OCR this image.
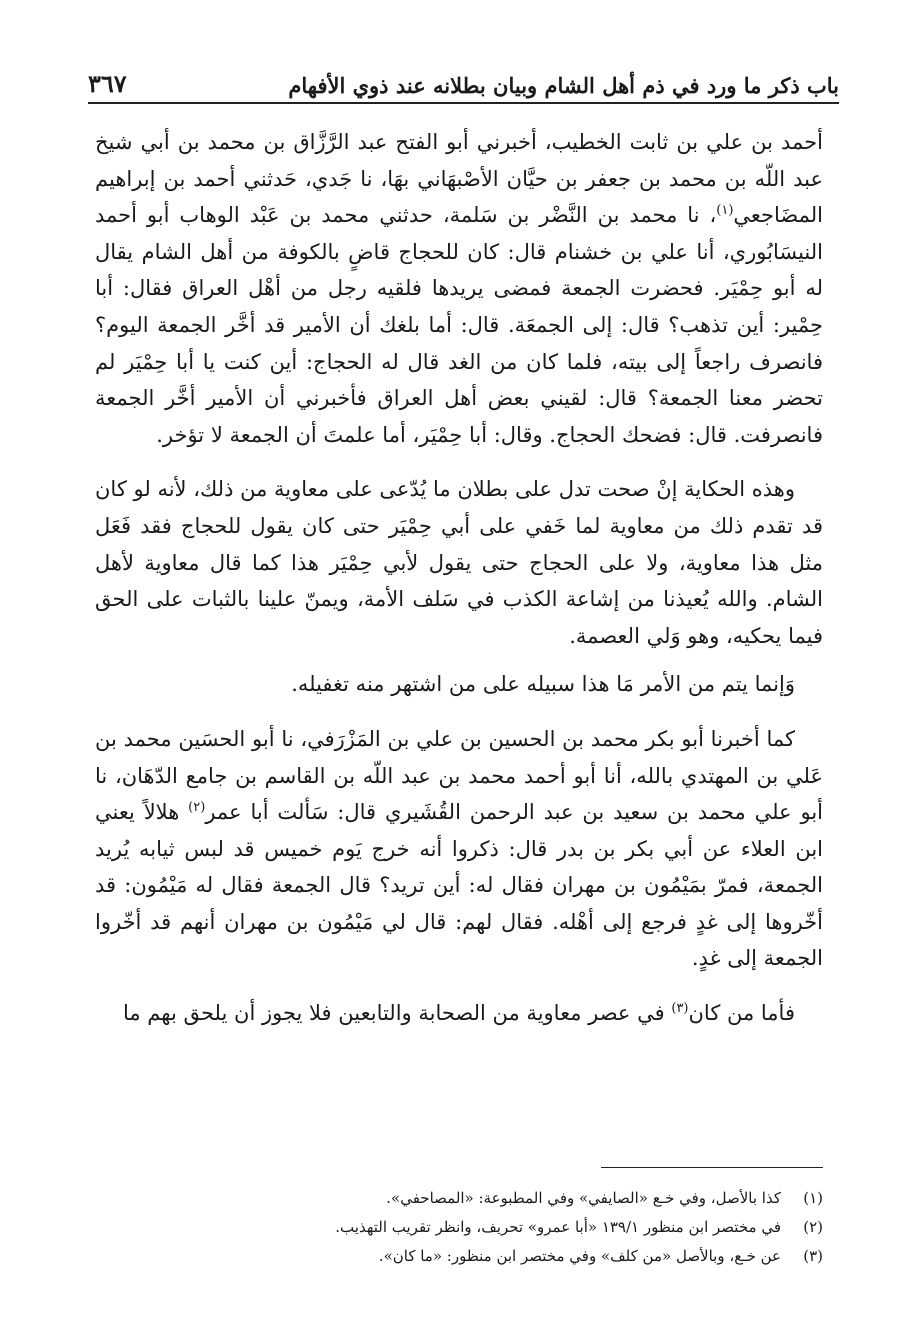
باب ذكر ما ورد في ذم أهل الشام وبيان بطلانه عند ذوي الأفهام
٣٦٧

أحمد بن علي بن ثابت الخطيب، أخبرني أبو الفتح عبد الرَّزَّاق بن محمد بن أبي شيخ عبد اللّه بن محمد بن جعفر بن حيَّان الأصْبهَاني بهَا، نا جَدي، حَدثني أحمد بن إبراهيم المضَاجعي$^{(١)}$، نا محمد بن النَّضْر بن سَلمة، حدثني محمد بن عَبْد الوهاب أبو أحمد النيسَابُوري، أنا علي بن خشنام قال: كان للحجاج قاضٍ بالكوفة من أهل الشام يقال له أبو حِمْيَر. فحضرت الجمعة فمضى يريدها فلقيه رجل من أهْل العراق فقال: أبا حِمْير: أين تذهب؟ قال: إلى الجمعَة. قال: أما بلغك أن الأمير قد أخَّر الجمعة اليوم؟ فانصرف راجعاً إلى بيته، فلما كان من الغد قال له الحجاج: أين كنت يا أبا حِمْيَر لم تحضر معنا الجمعة؟ قال: لقيني بعض أهل العراق فأخبرني أن الأمير أخَّر الجمعة فانصرفت. قال: فضحك الحجاج. وقال: أبا حِمْيَر، أما علمتَ أن الجمعة لا تؤخر.

وهذه الحكاية إنْ صحت تدل على بطلان ما يُدّعى على معاوية من ذلك، لأنه لو كان قد تقدم ذلك من معاوية لما خَفي على أبي حِمْيَر حتى كان يقول للحجاج فقد فَعَل مثل هذا معاوية، ولا على الحجاج حتى يقول لأبي حِمْيَر هذا كما قال معاوية لأهل الشام. والله يُعيذنا من إشاعة الكذب في سَلف الأمة، ويمنّ علينا بالثبات على الحق فيما يحكيه، وهو وَلي العصمة.

وَإنما يتم من الأمر مَا هذا سبيله على من اشتهر منه تغفيله.

كما أخبرنا أبو بكر محمد بن الحسين بن علي بن المَزْرَفي، نا أبو الحسَين محمد بن عَلي بن المهتدي بالله، أنا أبو أحمد محمد بن عبد اللّه بن القاسم بن جامع الدّهَان، نا أبو علي محمد بن سعيد بن عبد الرحمن القُشَيري قال: سَألت أبا عمر$^{(٢)}$ هلالاً يعني ابن العلاء عن أبي بكر بن بدر قال: ذكروا أنه خرج يَوم خميس قد لبس ثيابه يُريد الجمعة، فمرّ بمَيْمُون بن مهران فقال له: أين تريد؟ قال الجمعة فقال له مَيْمُون: قد أخّروها إلى غدٍ فرجع إلى أهْله. فقال لهم: قال لي مَيْمُون بن مهران أنهم قد أخّروا الجمعة إلى غدٍ.

فأما من كان$^{(٣)}$ في عصر معاوية من الصحابة والتابعين فلا يجوز أن يلحق بهم ما

(١)
كذا بالأصل، وفي خـع «الصايفي» وفي المطبوعة: «المصاحفي».
(٢)
في مختصر ابن منظور ١٣٩/١ «أبا عمرو» تحريف، وانظر تقريب التهذيب.
(٣)
عن خـع، وبالأصل «من كلف» وفي مختصر ابن منظور: «ما كان».
